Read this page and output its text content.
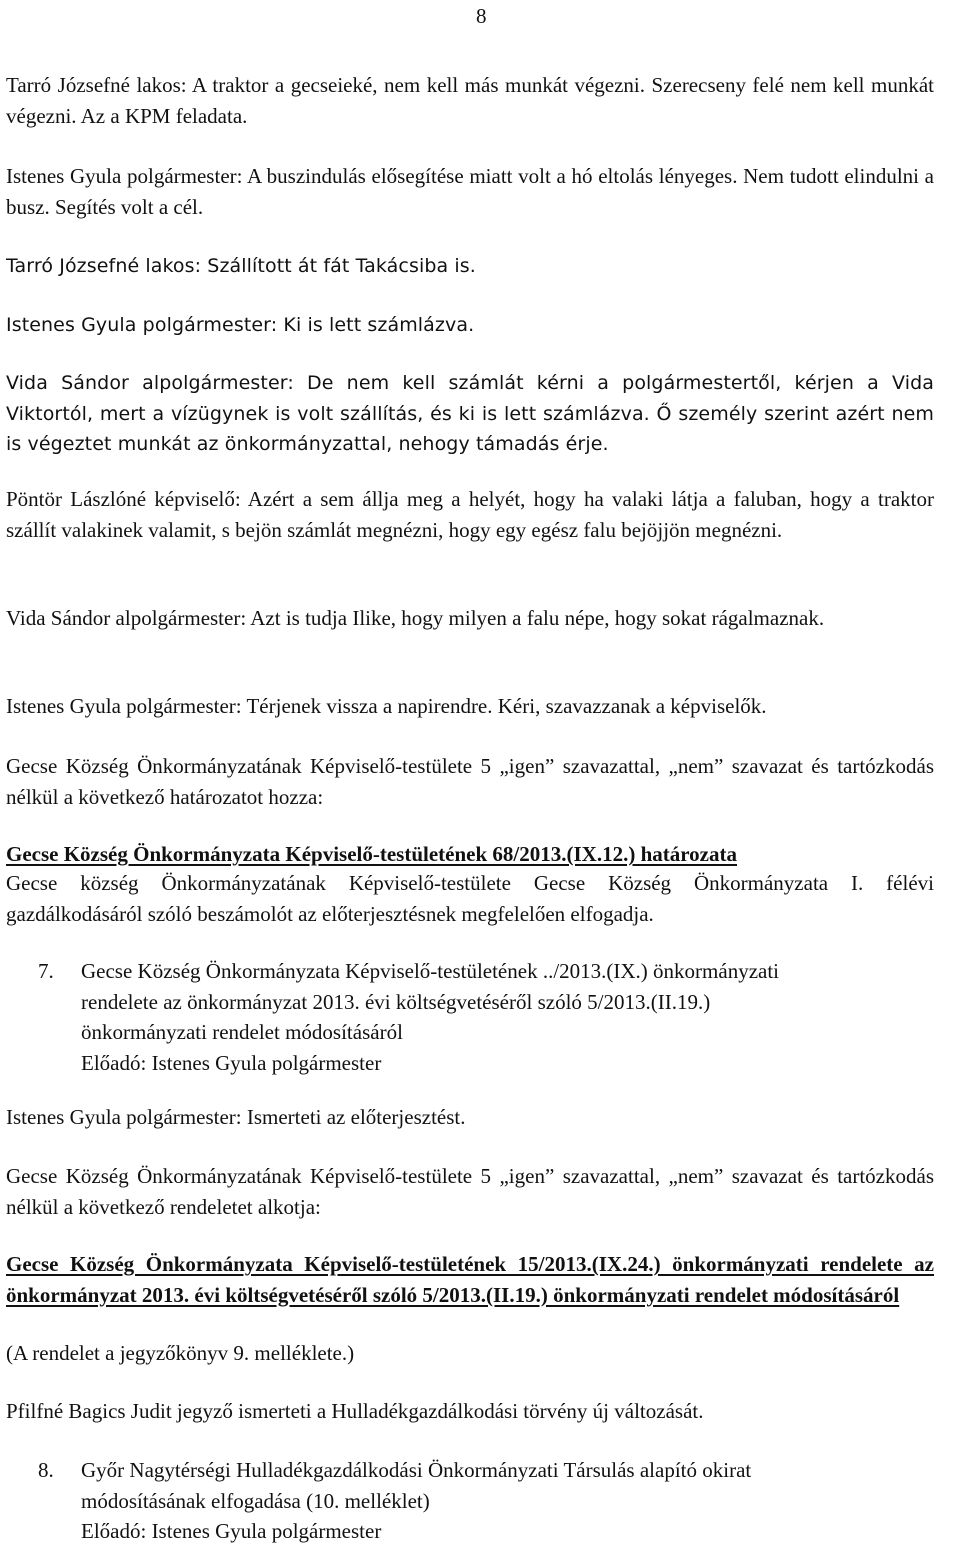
8

Tarró Józsefné lakos: A traktor a gecseieké, nem kell más munkát végezni. Szerecseny felé nem kell munkát végezni. Az a KPM feladata.

Istenes Gyula polgármester: A buszindulás elősegítése miatt volt a hó eltolás lényeges. Nem tudott elindulni a busz. Segítés volt a cél.

Tarró Józsefné lakos: Szállított át fát Takácsiba is.

Istenes Gyula polgármester: Ki is lett számlázva.

Vida Sándor alpolgármester: De nem kell számlát kérni a polgármestertől, kérjen a Vida Viktortól, mert a vízügynek is volt szállítás, és ki is lett számlázva. Ő személy szerint azért nem is végeztet munkát az önkormányzattal, nehogy támadás érje.

Pöntör Lászlóné képviselő: Azért a sem állja meg a helyét, hogy ha valaki látja a faluban, hogy a traktor szállít valakinek valamit, s bejön számlát megnézni, hogy egy egész falu bejöjjön megnézni.

Vida Sándor alpolgármester: Azt is tudja Ilike, hogy milyen a falu népe, hogy sokat rágalmaznak.

Istenes Gyula polgármester: Térjenek vissza a napirendre. Kéri, szavazzanak a képviselők.

Gecse Község Önkormányzatának Képviselő-testülete 5 „igen” szavazattal, „nem” szavazat és tartózkodás nélkül a következő határozatot hozza:

Gecse Község Önkormányzata Képviselő-testületének 68/2013.(IX.12.) határozata

Gecse község Önkormányzatának Képviselő-testülete Gecse Község Önkormányzata I. félévi gazdálkodásáról szóló beszámolót az előterjesztésnek megfelelően elfogadja.

7. Gecse Község Önkormányzata Képviselő-testületének ../2013.(IX.) önkormányzati
rendelete az önkormányzat 2013. évi költségvetéséről szóló 5/2013.(II.19.)
önkormányzati rendelet módosításáról
Előadó: Istenes Gyula polgármester

Istenes Gyula polgármester: Ismerteti az előterjesztést.

Gecse Község Önkormányzatának Képviselő-testülete 5 „igen” szavazattal, „nem” szavazat és tartózkodás nélkül a következő rendeletet alkotja:

Gecse Község Önkormányzata Képviselő-testületének 15/2013.(IX.24.) önkormányzati rendelete az önkormányzat 2013. évi költségvetéséről szóló 5/2013.(II.19.) önkormányzati rendelet módosításáról

(A rendelet a jegyzőkönyv 9. melléklete.)

Pfilfné Bagics Judit jegyző ismerteti a Hulladékgazdálkodási törvény új változását.

8. Győr Nagytérségi Hulladékgazdálkodási Önkormányzati Társulás alapító okirat
módosításának elfogadása (10. melléklet)
Előadó: Istenes Gyula polgármester
